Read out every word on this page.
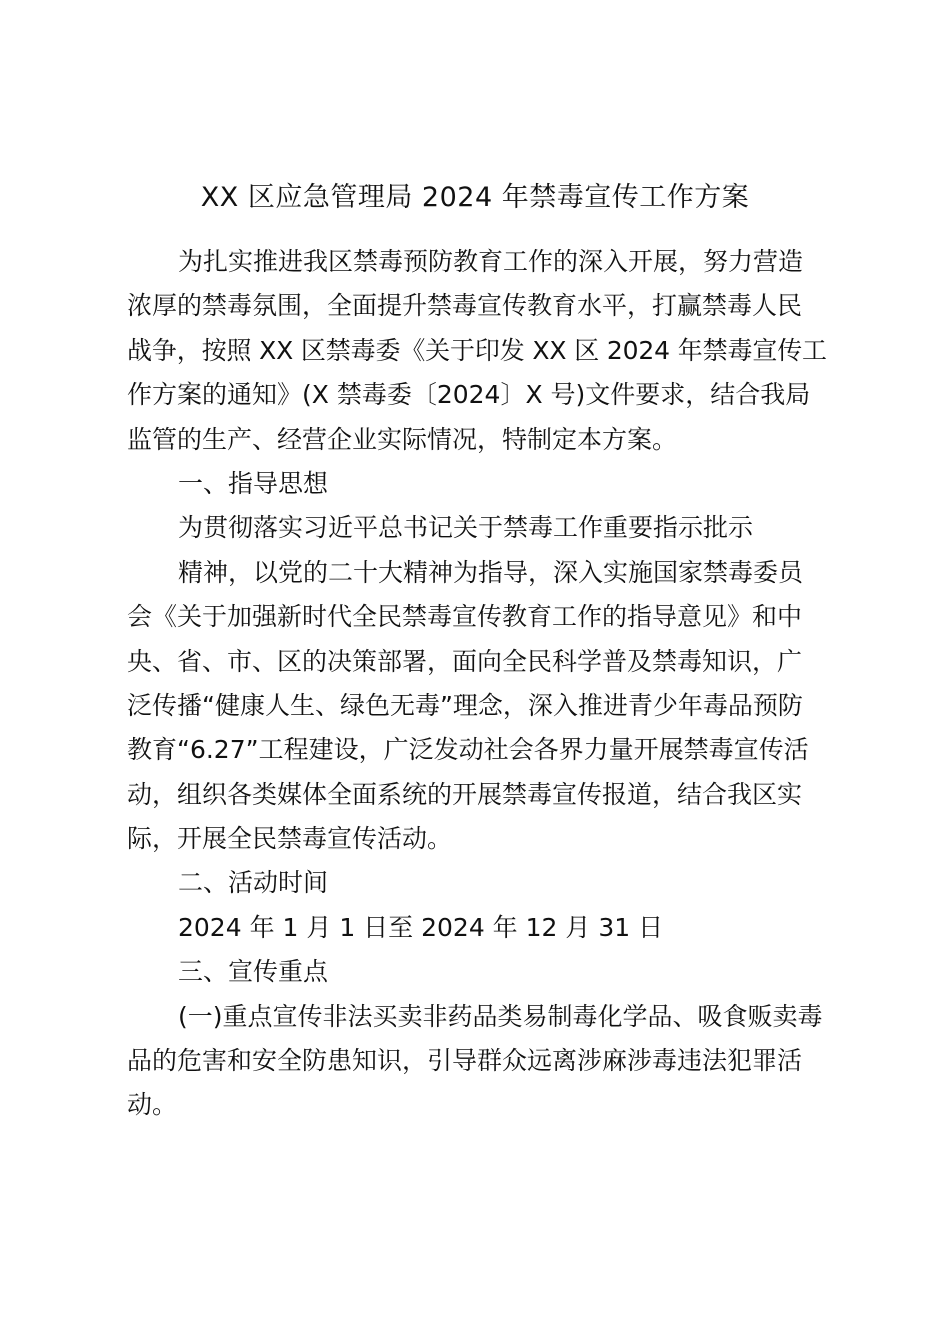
XX 区应急管理局 2024 年禁毒宣传工作方案
为扎实推进我区禁毒预防教育工作的深入开展，努力营造
浓厚的禁毒氛围，全面提升禁毒宣传教育水平，打赢禁毒人民
战争，按照 XX 区禁毒委《关于印发 XX 区 2024 年禁毒宣传工
作方案的通知》(X 禁毒委〔2024〕X 号)文件要求，结合我局
监管的生产、经营企业实际情况，特制定本方案。
一、指导思想
为贯彻落实习近平总书记关于禁毒工作重要指示批示
精神，以党的二十大精神为指导，深入实施国家禁毒委员
会《关于加强新时代全民禁毒宣传教育工作的指导意见》和中
央、省、市、区的决策部署，面向全民科学普及禁毒知识，广
泛传播“健康人生、绿色无毒”理念，深入推进青少年毒品预防
教育“6.27”工程建设，广泛发动社会各界力量开展禁毒宣传活
动，组织各类媒体全面系统的开展禁毒宣传报道，结合我区实
际，开展全民禁毒宣传活动。
二、活动时间
2024 年 1 月 1 日至 2024 年 12 月 31 日
三、宣传重点
(一)重点宣传非法买卖非药品类易制毒化学品、吸食贩卖毒
品的危害和安全防患知识，引导群众远离涉麻涉毒违法犯罪活
动。
